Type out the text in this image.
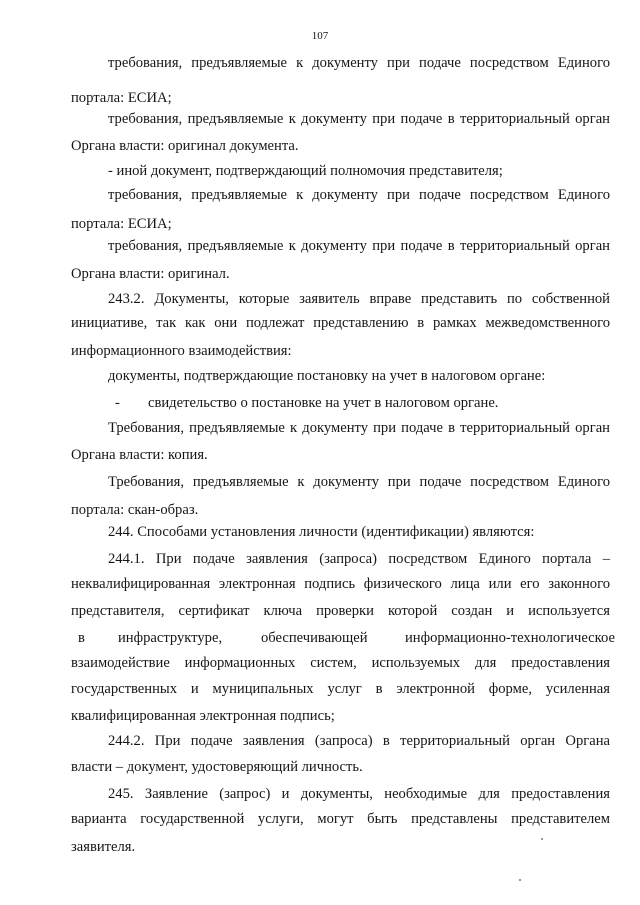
107
требования, предъявляемые к документу при подаче посредством Единого
портала: ЕСИА;
требования, предъявляемые к документу при подаче в территориальный орган
Органа власти: оригинал документа.
- иной документ, подтверждающий полномочия представителя;
требования, предъявляемые к документу при подаче посредством Единого
портала: ЕСИА;
требования, предъявляемые к документу при подаче в территориальный орган
Органа власти: оригинал.
243.2. Документы, которые заявитель вправе представить по собственной
инициативе, так как они подлежат представлению в рамках межведомственного
информационного взаимодействия:
документы, подтверждающие постановку на учет в налоговом органе:
- свидетельство о постановке на учет в налоговом органе.
Требования, предъявляемые к документу при подаче в территориальный орган
Органа власти: копия.
Требования, предъявляемые к документу при подаче посредством Единого
портала: скан-образ.
244. Способами установления личности (идентификации) являются:
244.1. При подаче заявления (запроса) посредством Единого портала –
неквалифицированная электронная подпись физического лица или его законного
представителя, сертификат ключа проверки которой создан и используется
в инфраструктуре,	обеспечивающей	информационно-технологическое
взаимодействие информационных систем, используемых для предоставления
государственных и муниципальных услуг в электронной форме, усиленная
квалифицированная электронная подпись;
244.2. При подаче заявления (запроса) в территориальный орган Органа
власти – документ, удостоверяющий личность.
245. Заявление (запрос) и документы, необходимые для предоставления
варианта государственной услуги, могут быть представлены представителем
заявителя.
